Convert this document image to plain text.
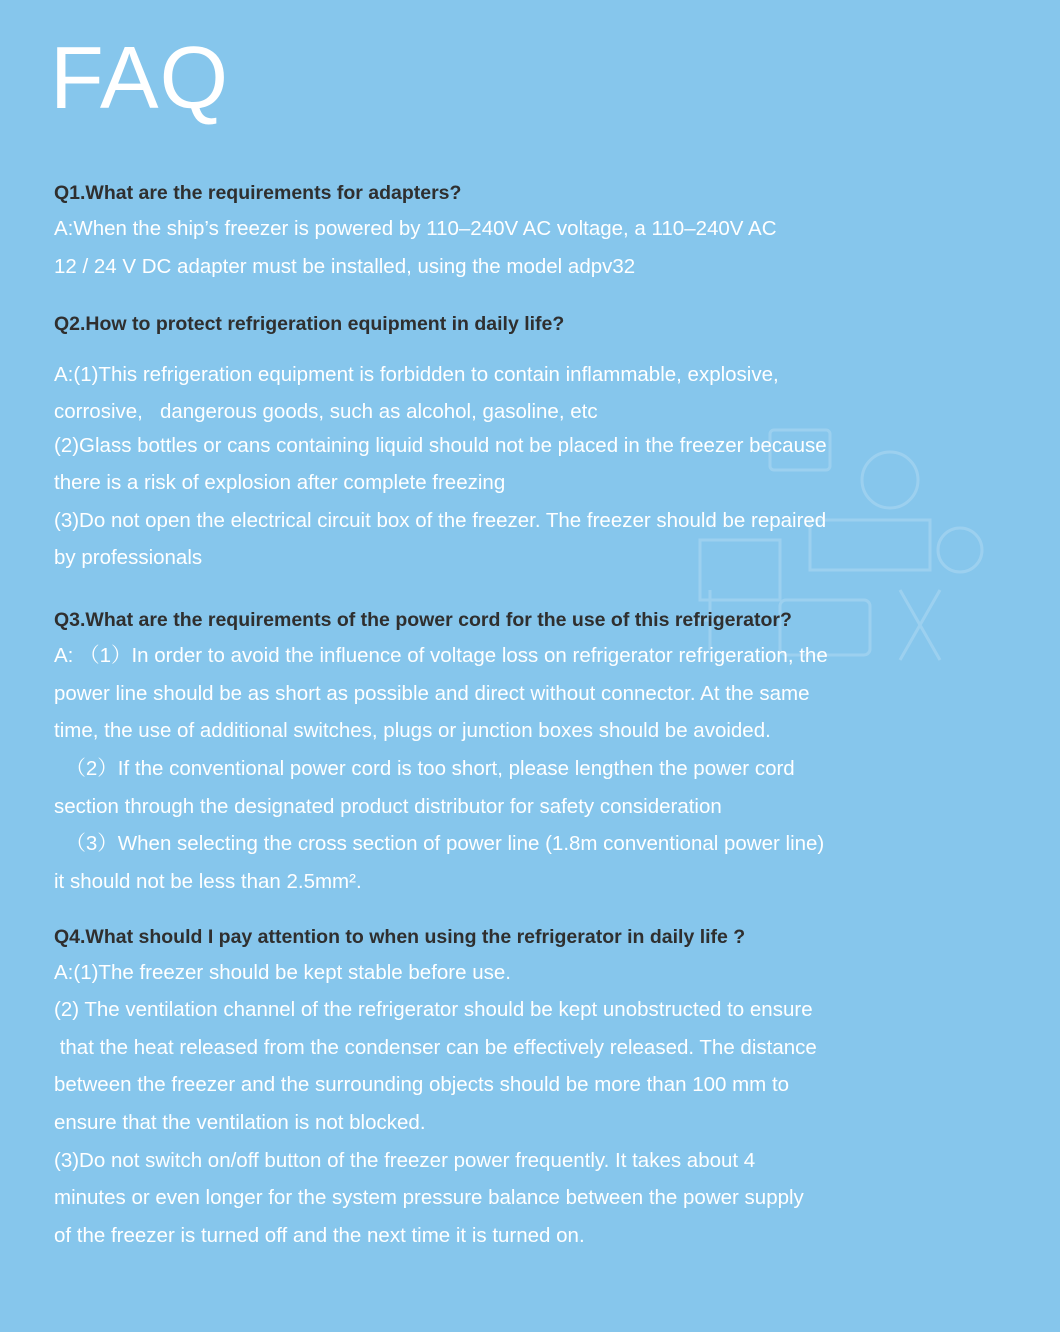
FAQ

Q1.What are the requirements for adapters?

A:When the ship’s freezer is powered by 110–240V AC voltage, a 110–240V AC

12 / 24 V DC adapter must be installed, using the model adpv32

Q2.How to protect refrigeration equipment in daily life?

A:(1)This refrigeration equipment is forbidden to contain inflammable, explosive,

corrosive,   dangerous goods, such as alcohol, gasoline, etc

(2)Glass bottles or cans containing liquid should not be placed in the freezer because

there is a risk of explosion after complete freezing

(3)Do not open the electrical circuit box of the freezer. The freezer should be repaired

by professionals

Q3.What are the requirements of the power cord for the use of this refrigerator?

A: （1）In order to avoid the influence of voltage loss on refrigerator refrigeration, the

power line should be as short as possible and direct without connector. At the same

time, the use of additional switches, plugs or junction boxes should be avoided.

（2）If the conventional power cord is too short, please lengthen the power cord

section through the designated product distributor for safety consideration

（3）When selecting the cross section of power line (1.8m conventional power line)

it should not be less than 2.5mm².

Q4.What should I pay attention to when using the refrigerator in daily life ?

A:(1)The freezer should be kept stable before use.

(2) The ventilation channel of the refrigerator should be kept unobstructed to ensure

that the heat released from the condenser can be effectively released. The distance

between the freezer and the surrounding objects should be more than 100 mm to

ensure that the ventilation is not blocked.

(3)Do not switch on/off button of the freezer power frequently. It takes about 4

minutes or even longer for the system pressure balance between the power supply

of the freezer is turned off and the next time it is turned on.
